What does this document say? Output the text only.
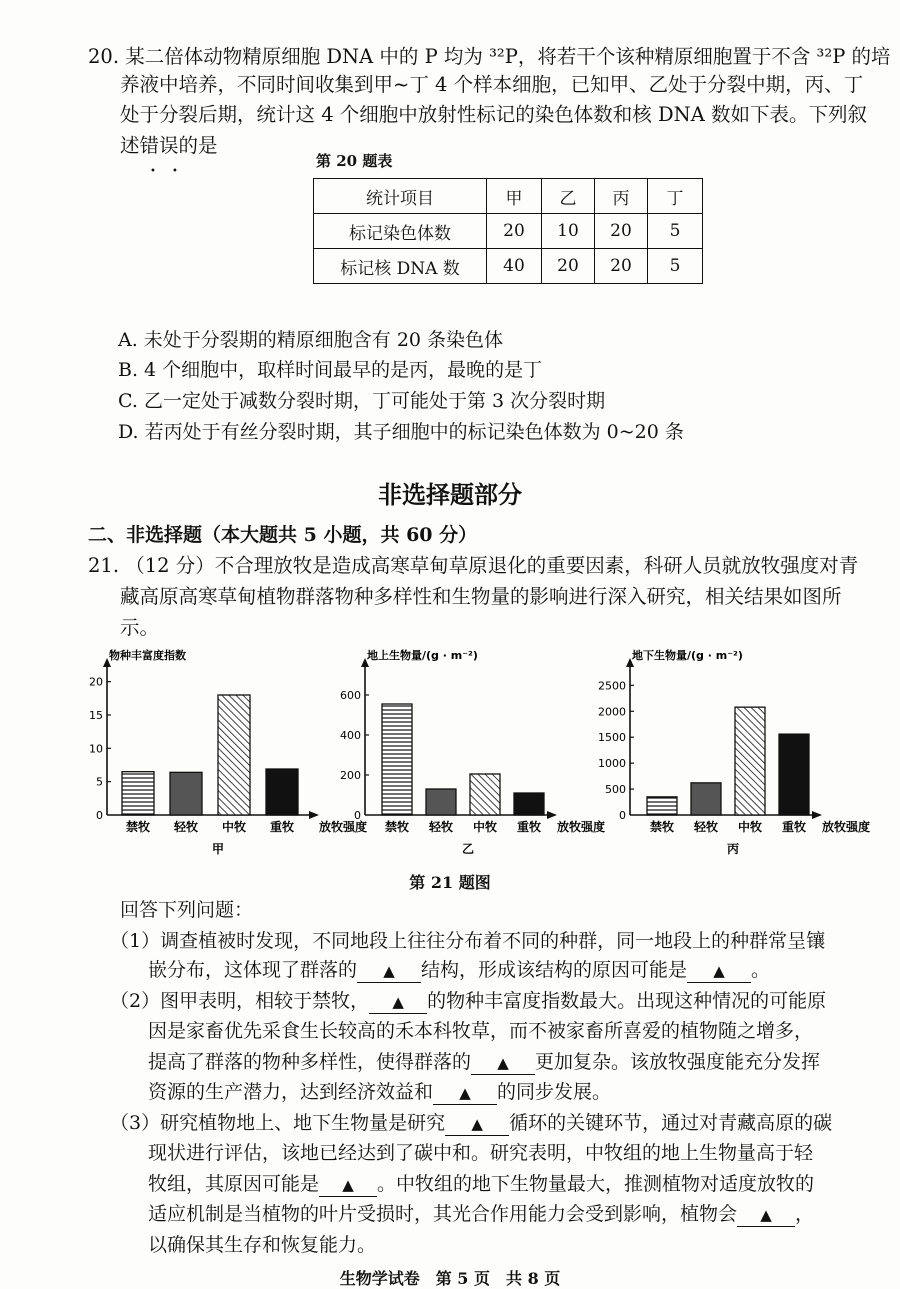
20. 某二倍体动物精原细胞 DNA 中的 P 均为 ³²P，将若干个该种精原细胞置于不含 ³²P 的培
养液中培养，不同时间收集到甲~丁 4 个样本细胞，已知甲、乙处于分裂中期，丙、丁
处于分裂后期，统计这 4 个细胞中放射性标记的染色体数和核 DNA 数如下表。下列叙
述错误的是
• •
第 20 题表
统计项目	甲	乙	丙	丁
标记染色体数	20	10	20	5
标记核 DNA 数	40	20	20	5
A. 未处于分裂期的精原细胞含有 20 条染色体
B. 4 个细胞中，取样时间最早的是丙，最晚的是丁
C. 乙一定处于减数分裂时期，丁可能处于第 3 次分裂时期
D. 若丙处于有丝分裂时期，其子细胞中的标记染色体数为 0~20 条
非选择题部分
二、非选择题（本大题共 5 小题，共 60 分）
21. （12 分）不合理放牧是造成高寒草甸草原退化的重要因素，科研人员就放牧强度对青
藏高原高寒草甸植物群落物种多样性和生物量的影响进行深入研究，相关结果如图所
示。
物种丰富度指数
0
5
10
15
20
禁牧 轻牧 中牧 重牧 放牧强度
甲
地上生物量/(g · m⁻²)
0
200
400
600
禁牧 轻牧 中牧 重牧 放牧强度
乙
地下生物量/(g · m⁻²)
0
500
1000
1500
2000
2500
禁牧 轻牧 中牧 重牧 放牧强度
丙
第 21 题图
回答下列问题：
（1）调查植被时发现，不同地段上往往分布着不同的种群，同一地段上的种群常呈镶
嵌分布，这体现了群落的 ▲ 结构，形成该结构的原因可能是 ▲ 。
（2）图甲表明，相较于禁牧， ▲ 的物种丰富度指数最大。出现这种情况的可能原
因是家畜优先采食生长较高的禾本科牧草，而不被家畜所喜爱的植物随之增多，
提高了群落的物种多样性，使得群落的 ▲ 更加复杂。该放牧强度能充分发挥
资源的生产潜力，达到经济效益和 ▲ 的同步发展。
（3）研究植物地上、地下生物量是研究 ▲ 循环的关键环节，通过对青藏高原的碳
现状进行评估，该地已经达到了碳中和。研究表明，中牧组的地上生物量高于轻
牧组，其原因可能是 ▲ 。中牧组的地下生物量最大，推测植物对适度放牧的
适应机制是当植物的叶片受损时，其光合作用能力会受到影响，植物会 ▲ ，
以确保其生存和恢复能力。
生物学试卷　第 5 页　共 8 页
